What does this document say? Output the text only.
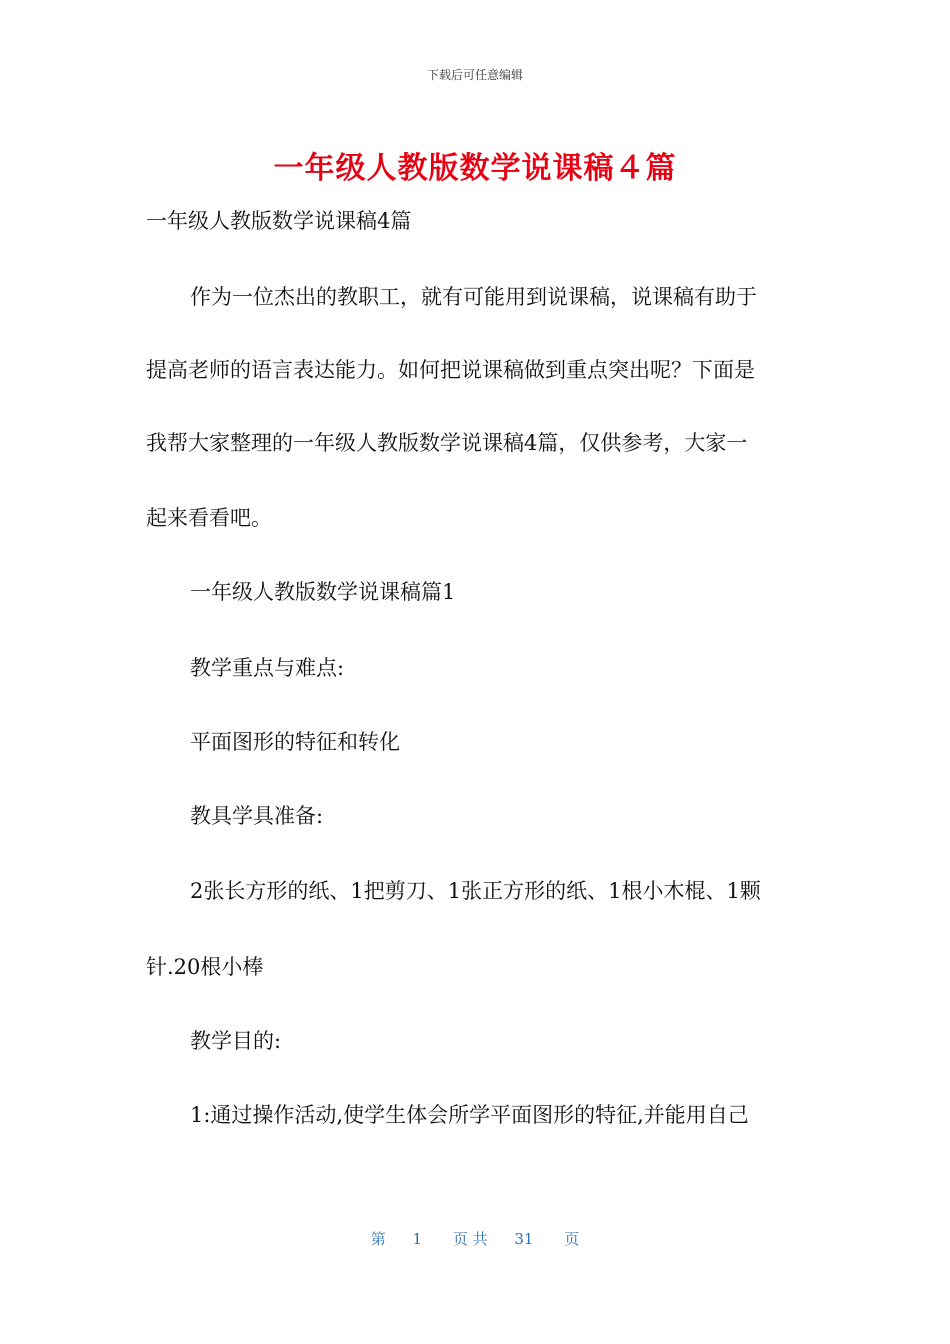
下载后可任意编辑
一年级人教版数学说课稿４篇
一年级人教版数学说课稿4篇
作为一位杰出的教职工，就有可能用到说课稿，说课稿有助于
提高老师的语言表达能力。如何把说课稿做到重点突出呢？下面是
我帮大家整理的一年级人教版数学说课稿4篇，仅供参考，大家一
起来看看吧。
一年级人教版数学说课稿篇1
教学重点与难点:
平面图形的特征和转化
教具学具准备:
2张长方形的纸、1把剪刀、1张正方形的纸、1根小木棍、1颗
针.20根小棒
教学目的:
1:通过操作活动,使学生体会所学平面图形的特征,并能用自己
第 1 页 共 31 页
